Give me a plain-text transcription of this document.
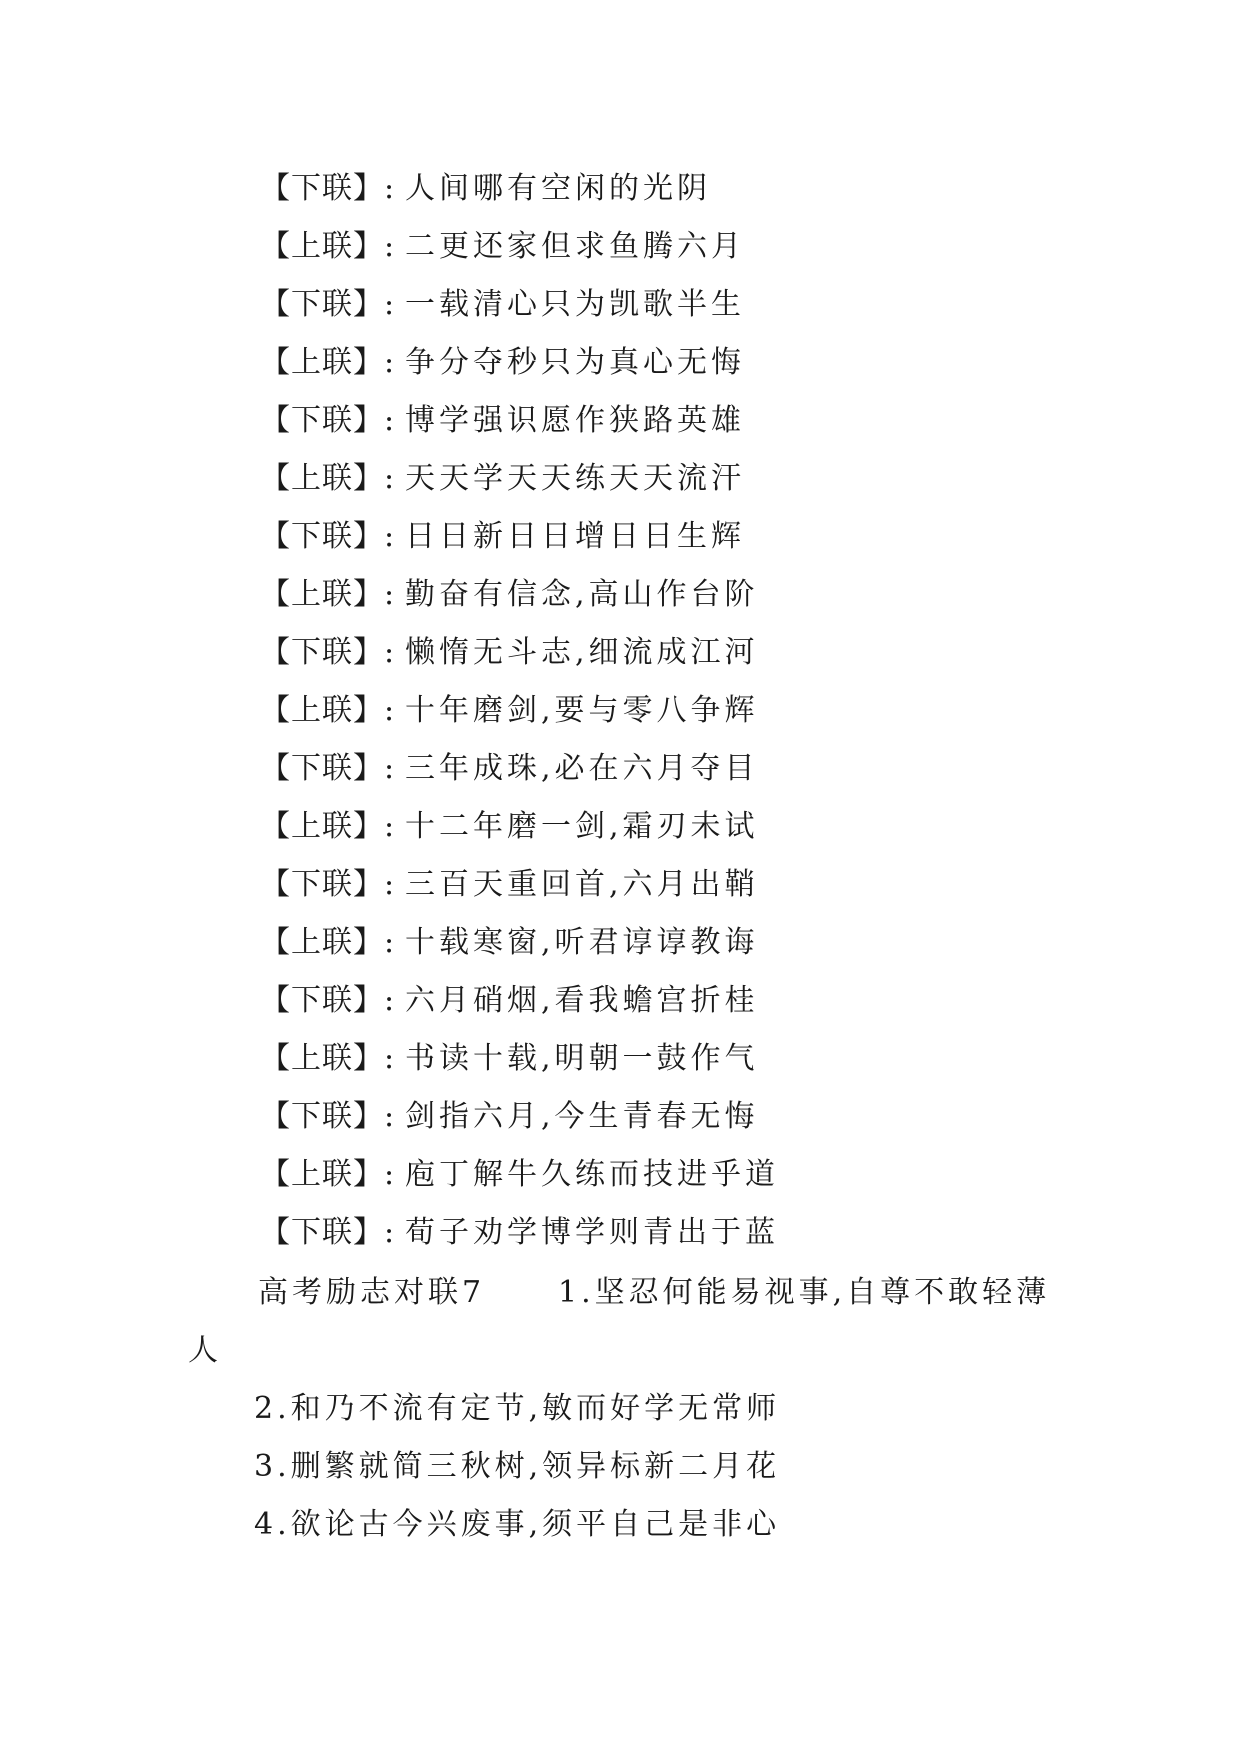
【下联】: 人间哪有空闲的光阴
【上联】: 二更还家但求鱼腾六月
【下联】: 一载清心只为凯歌半生
【上联】: 争分夺秒只为真心无悔
【下联】: 博学强识愿作狭路英雄
【上联】: 天天学天天练天天流汗
【下联】: 日日新日日增日日生辉
【上联】: 勤奋有信念,高山作台阶
【下联】: 懒惰无斗志,细流成江河
【上联】: 十年磨剑,要与零八争辉
【下联】: 三年成珠,必在六月夺目
【上联】: 十二年磨一剑,霜刃未试
【下联】: 三百天重回首,六月出鞘
【上联】: 十载寒窗,听君谆谆教诲
【下联】: 六月硝烟,看我蟾宫折桂
【上联】: 书读十载,明朝一鼓作气
【下联】: 剑指六月,今生青春无悔
【上联】: 庖丁解牛久练而技进乎道
【下联】: 荀子劝学博学则青出于蓝
高考励志对联7 1.坚忍何能易视事,自尊不敢轻薄
人
2.和乃不流有定节,敏而好学无常师
3.删繁就简三秋树,领异标新二月花
4.欲论古今兴废事,须平自己是非心
